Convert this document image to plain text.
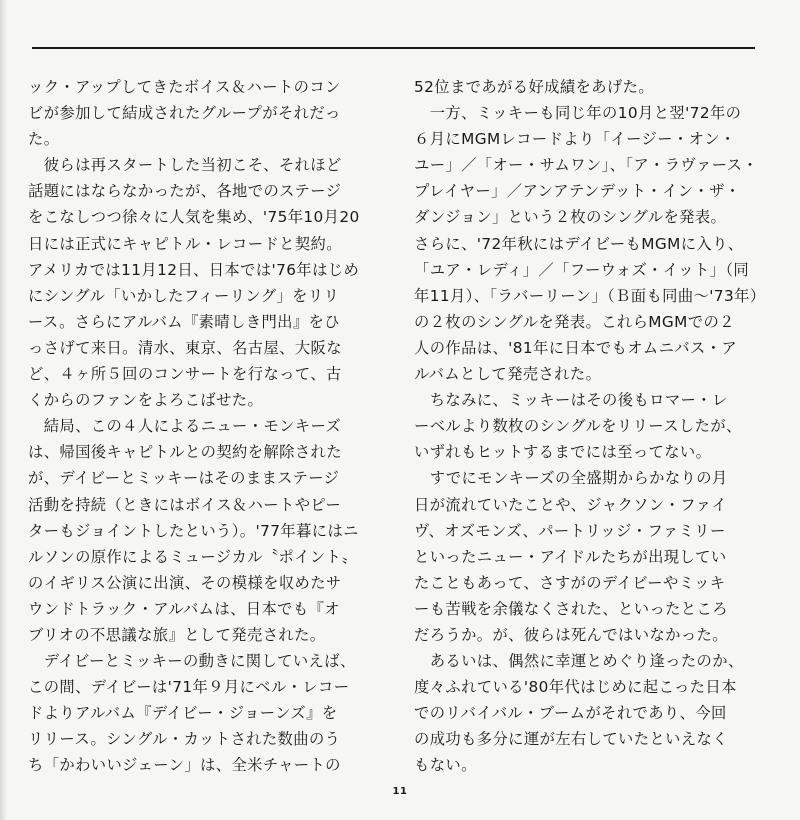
ック・アップしてきたボイス＆ハートのコン
ビが参加して結成されたグループがそれだっ
た。
　彼らは再スタートした当初こそ、それほど
話題にはならなかったが、各地でのステージ
をこなしつつ徐々に人気を集め、'75年10月20
日には正式にキャピトル・レコードと契約。
アメリカでは11月12日、日本では'76年はじめ
にシングル「いかしたフィーリング」をリリ
ース。さらにアルバム『素晴しき門出』をひ
っさげて来日。清水、東京、名古屋、大阪な
ど、４ヶ所５回のコンサートを行なって、古
くからのファンをよろこばせた。
　結局、この４人によるニュー・モンキーズ
は、帰国後キャピトルとの契約を解除された
が、デイビーとミッキーはそのままステージ
活動を持続（ときにはボイス＆ハートやピー
ターもジョイントしたという）。'77年暮にはニ
ルソンの原作によるミュージカル〝ポイント〟
のイギリス公演に出演、その模様を収めたサ
ウンドトラック・アルバムは、日本でも『オ
ブリオの不思議な旅』として発売された。
　デイビーとミッキーの動きに関していえば、
この間、デイビーは'71年９月にベル・レコー
ドよりアルバム『デイビー・ジョーンズ』を
リリース。シングル・カットされた数曲のう
ち「かわいいジェーン」は、全米チャートの
52位まであがる好成績をあげた。
　一方、ミッキーも同じ年の10月と翌'72年の
６月にMGMレコードより「イージー・オン・
ユー」／「オー・サムワン」、「ア・ラヴァース・
プレイヤー」／アンアテンデット・イン・ザ・
ダンジョン」という２枚のシングルを発表。
さらに、'72年秋にはデイビーもMGMに入り、
「ユア・レディ」／「フーウォズ・イット」（同
年11月）、「ラバーリーン」（Ｂ面も同曲～'73年）
の２枚のシングルを発表。これらMGMでの２
人の作品は、'81年に日本でもオムニバス・ア
ルバムとして発売された。
　ちなみに、ミッキーはその後もロマー・レ
ーベルより数枚のシングルをリリースしたが、
いずれもヒットするまでには至ってない。
　すでにモンキーズの全盛期からかなりの月
日が流れていたことや、ジャクソン・ファイ
ヴ、オズモンズ、パートリッジ・ファミリー
といったニュー・アイドルたちが出現してい
たこともあって、さすがのデイビーやミッキ
ーも苦戦を余儀なくされた、といったところ
だろうか。が、彼らは死んではいなかった。
　あるいは、偶然に幸運とめぐり逢ったのか、
度々ふれている'80年代はじめに起こった日本
でのリバイバル・ブームがそれであり、今回
の成功も多分に運が左右していたといえなく
もない。
11
